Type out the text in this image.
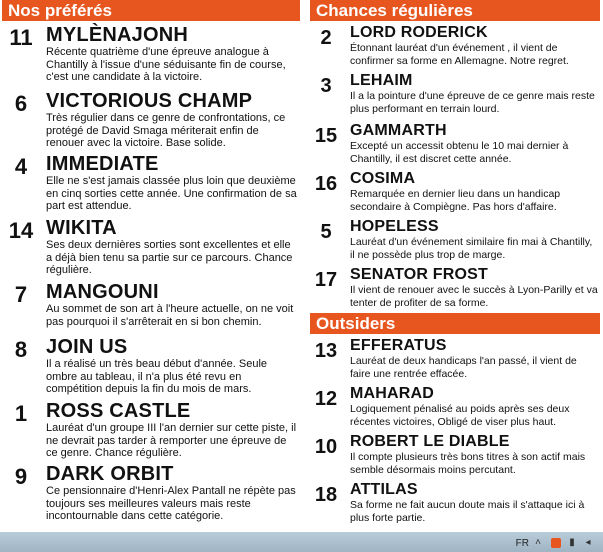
Nos préférés
11 MYLÈNAJONH
Récente quatrième d'une épreuve analogue à Chantilly à l'issue d'une séduisante fin de course, c'est une candidate à la victoire.
6 VICTORIOUS CHAMP
Très régulier dans ce genre de confrontations, ce protégé de David Smaga mériterait enfin de renouer avec la victoire. Base solide.
4 IMMEDIATE
Elle ne s'est jamais classée plus loin que deuxième en cinq sorties cette année. Une confirmation de sa part est attendue.
14 WIKITA
Ses deux dernières sorties sont excellentes et elle a déjà bien tenu sa partie sur ce parcours. Chance régulière.
7 MANGOUNI
Au sommet de son art à l'heure actuelle, on ne voit pas pourquoi il s'arrêterait en si bon chemin.
8 JOIN US
Il a réalisé un très beau début d'année. Seule ombre au tableau, il n'a plus été revu en compétition depuis la fin du mois de mars.
1 ROSS CASTLE
Lauréat d'un groupe III l'an dernier sur cette piste, il ne devrait pas tarder à remporter une épreuve de ce genre. Chance régulière.
9 DARK ORBIT
Ce pensionnaire d'Henri-Alex Pantall ne répète pas toujours ses meilleures valeurs mais reste incontournable dans cette catégorie.
Chances régulières
2	LORD RODERICK
Étonnant lauréat d'un événement , il vient de confirmer sa forme en Allemagne. Notre regret.
3	LEHAIM
Il a la pointure d'une épreuve de ce genre mais reste plus performant en terrain lourd.
15 GAMMARTH
Excepté un accessit obtenu le 10 mai dernier à Chantilly, il est discret cette année.
16 COSIMA
Remarquée en dernier lieu dans un handicap secondaire à Compiègne. Pas hors d'affaire.
5	HOPELESS
Lauréat d'un événement similaire fin mai à Chantilly, il ne possède plus trop de marge.
17 SENATOR FROST
Il vient de renouer avec le succès à Lyon-Parilly et va tenter de profiter de sa forme.
Outsiders
13 EFFERATUS
Lauréat de deux handicaps l'an passé, il vient de faire une rentrée effacée.
12 MAHARAD
Logiquement pénalisé au poids après ses deux récentes victoires, Obligé de viser plus haut.
10 ROBERT LE DIABLE
Il compte plusieurs très bons titres à son actif mais semble désormais moins percutant.
18 ATTILAS
Sa forme ne fait aucun doute mais il s'attaque ici à plus forte partie.
FR ˄	▮ ◂
